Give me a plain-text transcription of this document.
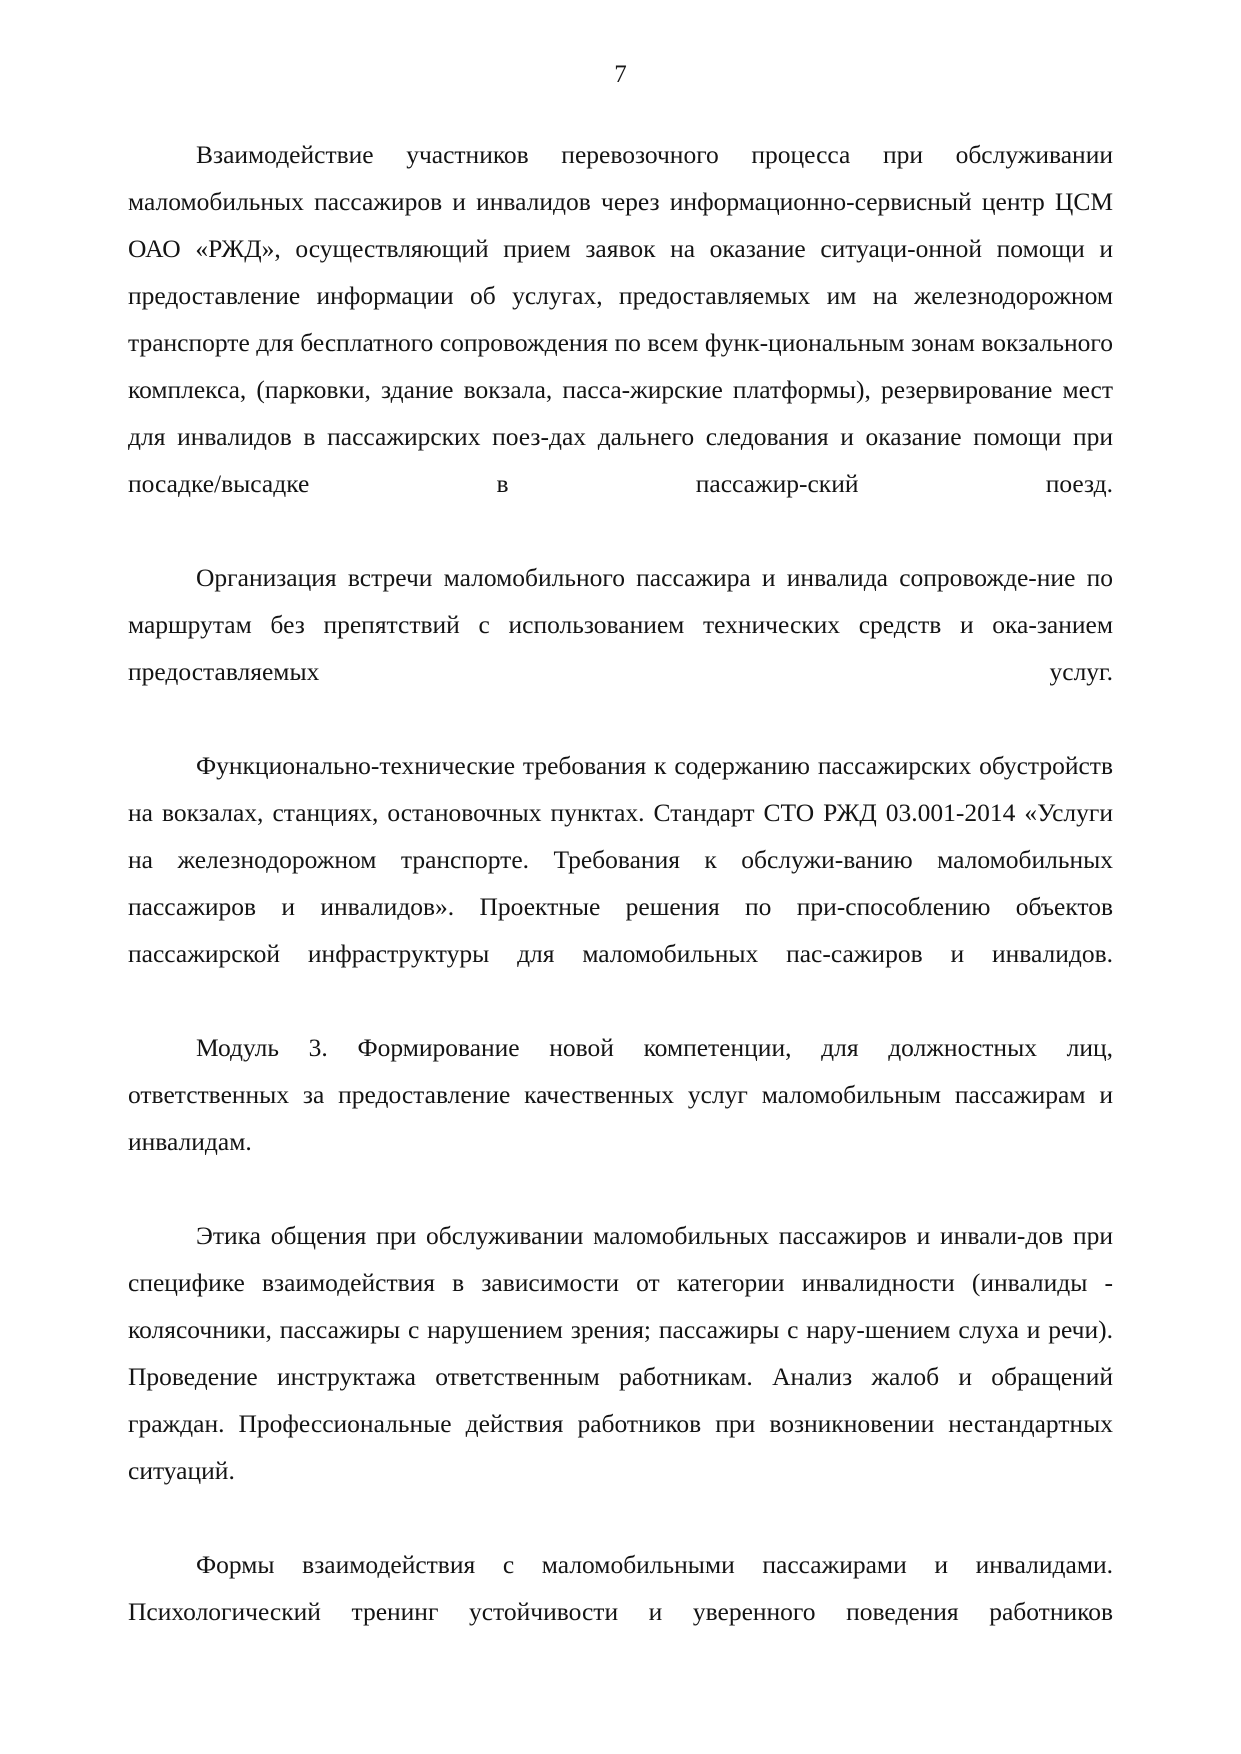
7

Взаимодействие участников перевозочного процесса при обслуживании маломобильных пассажиров и инвалидов через информационно-сервисный центр ЦСМ ОАО «РЖД», осуществляющий прием заявок на оказание ситуаци-онной помощи и предоставление информации об услугах, предоставляемых им на железнодорожном транспорте для бесплатного сопровождения по всем функ-циональным зонам вокзального комплекса, (парковки, здание вокзала, пасса-жирские платформы), резервирование мест для инвалидов в пассажирских поез-дах дальнего следования и оказание помощи при посадке/высадке в пассажир-ский поезд.

Организация встречи маломобильного пассажира и инвалида сопровожде-ние по маршрутам без препятствий с использованием технических средств и ока-занием предоставляемых услуг.

Функционально-технические требования к содержанию пассажирских обустройств на вокзалах, станциях, остановочных пунктах. Стандарт СТО РЖД 03.001-2014 «Услуги на железнодорожном транспорте. Требования к обслужи-ванию маломобильных пассажиров и инвалидов». Проектные решения по при-способлению объектов пассажирской инфраструктуры для маломобильных пас-сажиров и инвалидов.

Модуль 3. Формирование новой компетенции, для должностных лиц, ответственных за предоставление качественных услуг маломобильным пассажирам и инвалидам.

Этика общения при обслуживании маломобильных пассажиров и инвали-дов при специфике взаимодействия в зависимости от категории инвалидности (инвалиды - колясочники, пассажиры с нарушением зрения; пассажиры с нару-шением слуха и речи). Проведение инструктажа ответственным работникам. Анализ жалоб и обращений граждан. Профессиональные действия работников при возникновении нестандартных ситуаций.

Формы взаимодействия с маломобильными пассажирами и инвалидами. Психологический тренинг устойчивости и уверенного поведения работников
